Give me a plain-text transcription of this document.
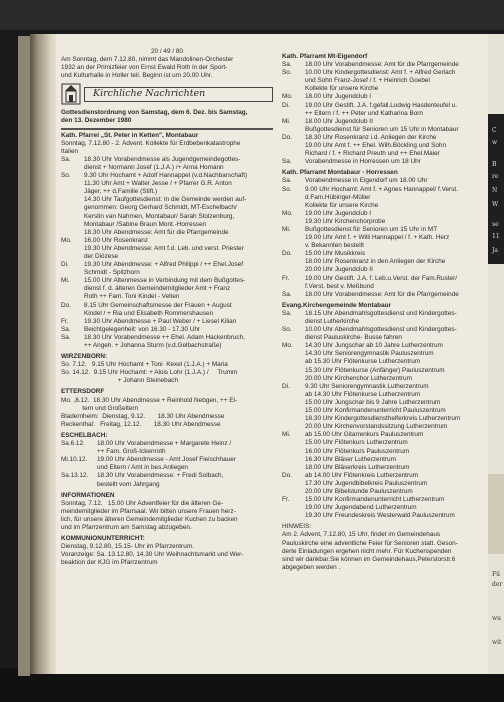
20 / 49 / 80
Am Sonntag, dem 7.12.80, nimmt das Mandolinen-Orchester
1932 an der Primizfeier von Ernst Ewald Roth in der Sport-
und Kulturhalle in Holler teil. Beginn ist um 20.00 Uhr.
Kirchliche Nachrichten
Gottesdienstordnung von Samstag, dem 6. Dez. bis Samstag,
den 13. Dezember 1980
Kath. Pfarrei „St. Peter in Ketten", Montabaur
Sonntag, 7.12.80 - 2. Advent. Kollekte für Erdbebenkatastrophe
Italien
Sa.	18.30 Uhr Vorabendmesse als Jugendgemeindegottes-
dienst + Normann Josef (1.J.A.) /+ Anna Homann
So.	9.30 Uhr Hochamt + Adolf Hannappel (v.d.Nachbarschaft)
11.30 Uhr Amt + Walter Jesse / + Pfarrer G.R. Anton
Jäger, ++ d.Familie (Stift.)
14.30 Uhr Taufgottesdienst: In die Gemeinde werden auf-
genommen: Georg Gerhard Schmidt, MT-Eschelbach/
Kerstin van Nahmen, Montabaur/ Sarah Stolzenburg,
Montabaur /Sabine Braun Mont.-Horressen
18.30 Uhr Abendmesse: Amt für die Pfarrgemeinde
Mo.	16.00 Uhr Rosenkranz
19.30 Uhr Abendmesse: Amt f.d. Leb. und verst. Priester
der Diözese
Di.	19.30 Uhr Abendmesse: + Alfred Philippi / ++ Ehel.Josef
Schmidt - Spitzhorn
Mi.	15.00 Uhr Altenmesse in Verbindung mit dem Bußgottes-
dienst f. d. älteren Gemeindemitglieder Amt + Franz
Roth ++ Fam. Toni Kindel - Velten
Do.	8.15 Uhr Gemeinschaftsmesse der Frauen + August
Kindel / + Ria und Elisabeth Rommershausen
Fr.	19.30 Uhr Abendmesse + Paul Weber / + Liesel Kilian
Sa.	Beichtgelegenheit: von 16.30 - 17.30 Uhr
Sa.	18.30 Uhr Vorabendmesse ++ Ehel. Adam Hackenbruch,
++ Angeh. + Johanna Sturm (v.d.Gelbachstraße)
WIRZENBORN:
So. 7.12.   9.15 Uhr Hochamt + Toni  Kexel (1.J.A.) + Maria
So. 14.12.  9.15 Uhr Hochamt: + Alois Lohr (1.J.A.) /     Trumm
+ Johann Steinebach
ETTERSDORF
Mo. ,8.12.  18.30 Uhr Abendmesse + Reinhold Nebgen, ++ El-
tern und Großeltern
Bladernheim:  Dienstag, 9.12.       18.30 Uhr Abendmesse
Reckenthal:   Freitag, 12.12.       18.30 Uhr Abendmesse
ESCHELBACH:
Sa.6.12.	18.00 Uhr Vorabendmesse + Margarete Heinz /
++ Fam. Groß-Ickenroth
Mi.10.12.	19.00 Uhr Abendmesse - Amt Josef Fleischhauer
und Eltern / Amt in bes.Anliegen
Sa.13.12.	18.30 Uhr Vorabendmesse: + Fredi Solbach,
bestellt vom Jahrgang
INFORMATIONEN
Sonntag, 7.12.   15.00 Uhr Adventfeier für die älteren Ge-
meindemitglieder im Pfarrsaal. Wir bitten unsere Frauen herz-
lich, für unsere älteren Gemeindemitglieder Kuchen zu backen
und im Pfarrzentrum am Samstag abzugeben.
KOMMUNIONUNTERRICHT:
Dienstag, 9.12.80, 15.15- Uhr im Pfarrzentrum.
Voranzeige: Sa. 13.12.80, 14.30 Uhr Weihnachtsmarkt und Wer-
beaktion der KJG im Pfarrzentrum
Kath. Pfarramt Mt-Eigendorf
Sa.	18.00 Uhr Vorabendmesse: Amt für die Pfarrgemeinde
So.	10.00 Uhr Kindergottesdienst: Amt f. + Alfred Gerlach
und Sohn Franz-Josef / f. + Heinrich Goebel
Kollekte für unsere Kirche
Mo.	18.00 Uhr Jugendclub I
Di.	19.00 Uhr Gestift. J.A. f.gefall.Ludwig Hasdenteufel u.
++ Eltern / f. ++ Peter und Katharina Born
Mi.	18.00 Uhr Jugendclub II
Bußgottesdienst für Senioren um 15 Uhr in Montabaur
Do.	18.30 Uhr Rosenkranz i.d. Anliegen der Kirche
19.00 Uhr Amt f. ++ Ehel. Wilh.Böckling und Sohn
Richard / f. + Richard Preuth und ++ Ehel.Maier
Sa.	Vorabendmesse in Horressen um 18 Uhr
Kath. Pfarramt Montabaur - Horressen
Sa.	Vorabendmesse in Eigendorf um 18.00 Uhr
So.	9.00 Uhr Hochamt: Amt f. + Agnes Hannappel/ f.Verst.
d.Fam.Hübinger-Müller
Kollekte für unsere Kirche
Mo.	19.00 Uhr Jugendclub I
19.30 Uhr Kirchenchorprobe
Mi.	Bußgottesdienst für Senioren um 15 Uhr in MT
19.00 Uhr Amt f. + Willi Hannappel / f. + Kath. Herz
v. Bekannten bestellt
Do.	15.00 Uhr Musikkreis
18.00 Uhr Rosenkranz in den Anliegen der Kirche
20.00 Uhr Jugendclub II
Fr.	19.00 Uhr Gestift. J.A. f. Leb.u.Verst. der Fam.Ruster/
f.Verst. best v. Meßbund
Sa.	18.00 Uhr Vorabendmesse: Amt für die Pfarrgemeinde
Evang.Kirchengemeinde Montabaur
Sa.	18.15 Uhr Abendmahlsgottesdienst und Kindergottes-
dienst Lutherkirche
So.	10.00 Uhr Abendmahlsgottesdienst und Kindergottes-
dienst Pauluskirche- Busse fahren
Mo.	14.30 Uhr Jungschar ab 10 Jahre Lutherzentrum
14.30 Uhr Seniorengymnastik Pauluszentrum
ab 15.30 Uhr Flötenkurse Lutherzentrum
15.30 Uhr Flötenkurse (Anfänger) Pauluszentrum
20.00 Uhr Kirchenchor Lutherzentrum
Di.	9.30 Uhr Seniorengymnastik Lutherzentrum
ab 14.30 Uhr Flötenkurse Lutherzentrum
15.00 Uhr Jungschar bis 9 Jahre Lutherzentrum
15.00 Uhr Konfirmandenunterricht Pauluszentrum
18.30 Uhr Kindergottesdiensthelferkreis Lutherzentrum
20.00 Uhr Kirchenvorstandssitzung Lutherzentrum
Mi.	ab 15.00 Uhr Gitarrenkurs Pauluszentrum
15.00 Uhr Flötenkurs Lutherzentrum
16.00 Uhr Flötenkurs Pauluszentrum
16.30 Uhr Bläser Lutherzentrum
18.00 Uhr Bläserkreis Lutherzentrum
Do.	ab 14.00 Uhr Flötenkreis Lutherzentrum
17.30 Uhr Jugendbibelkreis Pauluszentrum
20.00 Uhr Bibelstunde Pauluszentrum
Fr.	15.00 Uhr Konfirmandenunterricht Lutherzentrum
19.00 Uhr Jugendabend Lutherzentrum
19.30 Uhr Freundeskreis Westerwald Pauluszentrum
HINWEIS:
Am 2. Advent, 7.12.80, 15 Uhr, findet im Gemeindehaus
Pauluskirche eine adventliche Feier für Senioren statt. Geson-
derte Einladungen ergehen nicht mehr. Für Kuchenspenden
sind wir dankbar.Sie können im Gemeindehaus,Peterstorstr.6
abgegeben werden .
C
w
B
re
N
W
se
11
Ja
Fü
der
wu
wit
